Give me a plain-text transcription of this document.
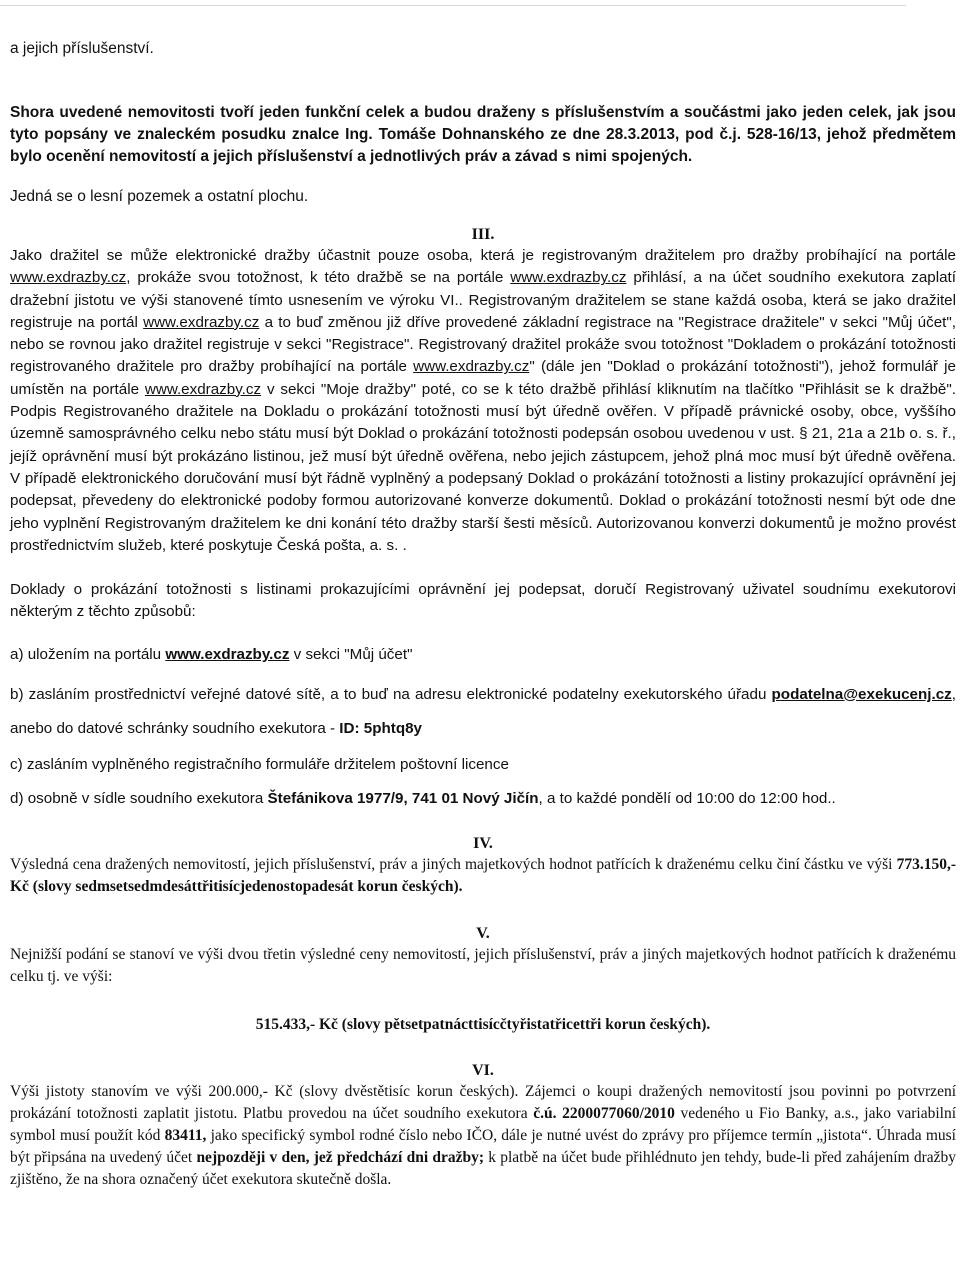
a jejich příslušenství.

Shora uvedené nemovitosti tvoří jeden funkční celek a budou draženy s příslušenstvím a součástmi jako jeden celek, jak jsou tyto popsány ve znaleckém posudku znalce Ing. Tomáše Dohnanského ze dne 28.3.2013, pod č.j. 528-16/13, jehož předmětem bylo ocenění nemovitostí a jejich příslušenství a jednotlivých práv a závad s nimi spojených.

Jedná se o lesní pozemek a ostatní plochu.

III.

Jako dražitel se může elektronické dražby účastnit pouze osoba, která je registrovaným dražitelem pro dražby probíhající na portále www.exdrazby.cz, prokáže svou totožnost, k této dražbě se na portále www.exdrazby.cz přihlásí, a na účet soudního exekutora zaplatí dražební jistotu ve výši stanovené tímto usnesením ve výroku VI.. Registrovaným dražitelem se stane každá osoba, která se jako dražitel registruje na portál www.exdrazby.cz a to buď změnou již dříve provedené základní registrace na "Registrace dražitele" v sekci "Můj účet", nebo se rovnou jako dražitel registruje v sekci "Registrace". Registrovaný dražitel prokáže svou totožnost "Dokladem o prokázání totožnosti registrovaného dražitele pro dražby probíhající na portále www.exdrazby.cz" (dále jen "Doklad o prokázání totožnosti"), jehož formulář je umístěn na portále www.exdrazby.cz v sekci "Moje dražby" poté, co se k této dražbě přihlásí kliknutím na tlačítko "Přihlásit se k dražbě". Podpis Registrovaného dražitele na Dokladu o prokázání totožnosti musí být úředně ověřen. V případě právnické osoby, obce, vyššího územně samosprávného celku nebo státu musí být Doklad o prokázání totožnosti podepsán osobou uvedenou v ust. § 21, 21a a 21b o. s. ř., jejíž oprávnění musí být prokázáno listinou, jež musí být úředně ověřena, nebo jejich zástupcem, jehož plná moc musí být úředně ověřena. V případě elektronického doručování musí být řádně vyplněný a podepsaný Doklad o prokázání totožnosti a listiny prokazující oprávnění jej podepsat, převedeny do elektronické podoby formou autorizované konverze dokumentů. Doklad o prokázání totožnosti nesmí být ode dne jeho vyplnění Registrovaným dražitelem ke dni konání této dražby starší šesti měsíců. Autorizovanou konverzi dokumentů je možno provést prostřednictvím služeb, které poskytuje Česká pošta, a. s. .

Doklady o prokázání totožnosti s listinami prokazujícími oprávnění jej podepsat, doručí Registrovaný uživatel soudnímu exekutorovi některým z těchto způsobů:

a) uložením na portálu www.exdrazby.cz v sekci "Můj účet"

b) zasláním prostřednictví veřejné datové sítě, a to buď na adresu elektronické podatelny exekutorského úřadu podatelna@exekucenj.cz, anebo do datové schránky soudního exekutora - ID: 5phtq8y

c) zasláním vyplněného registračního formuláře držitelem poštovní licence

d) osobně v sídle soudního exekutora Štefánikova 1977/9, 741 01 Nový Jičín, a to každé pondělí od 10:00 do 12:00 hod..

IV.

Výsledná cena dražených nemovitostí, jejich příslušenství, práv a jiných majetkových hodnot patřících k draženému celku činí částku ve výši 773.150,- Kč (slovy sedmsetsedmdesáttřitisícjedenostopadesát korun českých).

V.

Nejnižší podání se stanoví ve výši dvou třetin výsledné ceny nemovitostí, jejich příslušenství, práv a jiných majetkových hodnot patřících k draženému celku tj. ve výši:

515.433,- Kč (slovy pětsetpatnácttisícčtyřistatřicettři korun českých).

VI.

Výši jistoty stanovím ve výši 200.000,- Kč (slovy dvěstětisíc korun českých). Zájemci o koupi dražených nemovitostí jsou povinni po potvrzení prokázání totožnosti zaplatit jistotu. Platbu provedou na účet soudního exekutora č.ú. 2200077060/2010 vedeného u Fio Banky, a.s., jako variabilní symbol musí použít kód 83411, jako specifický symbol rodné číslo nebo IČO, dále je nutné uvést do zprávy pro příjemce termín „jistota“. Úhrada musí být připsána na uvedený účet nejpozději v den, jež předchází dni dražby; k platbě na účet bude přihlédnuto jen tehdy, bude-li před zahájením dražby zjištěno, že na shora označený účet exekutora skutečně došla.
